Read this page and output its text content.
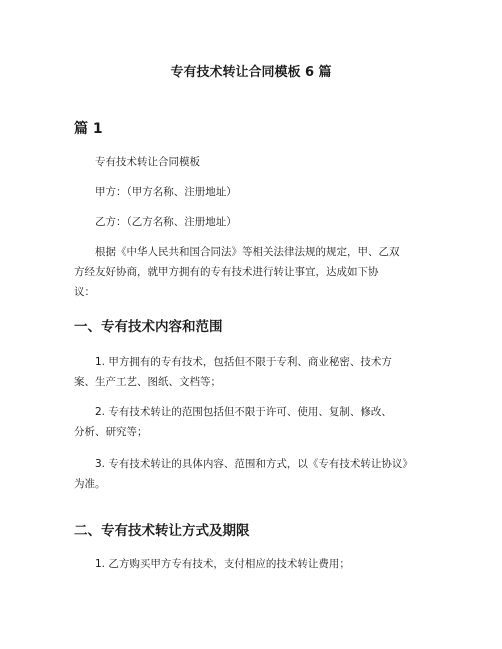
专有技术转让合同模板 6 篇
篇 1
专有技术转让合同模板
甲方：（甲方名称、注册地址）
乙方：（乙方名称、注册地址）
根据《中华人民共和国合同法》等相关法律法规的规定，甲、乙双
方经友好协商，就甲方拥有的专有技术进行转让事宜，达成如下协
议：
一、专有技术内容和范围
1. 甲方拥有的专有技术，包括但不限于专利、商业秘密、技术方
案、生产工艺、图纸、文档等；
2. 专有技术转让的范围包括但不限于许可、使用、复制、修改、
分析、研究等；
3. 专有技术转让的具体内容、范围和方式，以《专有技术转让协议》
为准。
二、专有技术转让方式及期限
1. 乙方购买甲方专有技术，支付相应的技术转让费用；
